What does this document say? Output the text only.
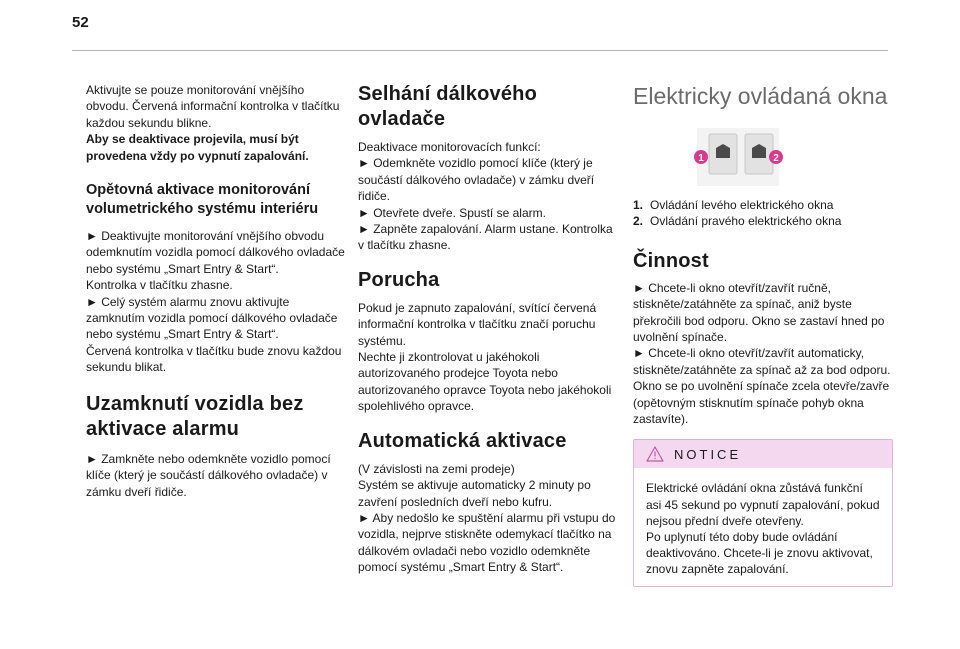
52

Aktivujte se pouze monitorování vnějšího obvodu. Červená informační kontrolka v tlačítku každou sekundu blikne.

Aby se deaktivace projevila, musí být provedena vždy po vypnutí zapalování.

Opětovná aktivace monitorování volumetrického systému interiéru

► Deaktivujte monitorování vnějšího obvodu odemknutím vozidla pomocí dálkového ovladače nebo systému „Smart Entry & Start“.

Kontrolka v tlačítku zhasne.

► Celý systém alarmu znovu aktivujte zamknutím vozidla pomocí dálkového ovladače nebo systému „Smart Entry & Start“.

Červená kontrolka v tlačítku bude znovu každou sekundu blikat.

Uzamknutí vozidla bez aktivace alarmu

► Zamkněte nebo odemkněte vozidlo pomocí klíče (který je součástí dálkového ovladače) v zámku dveří řidiče.

Selhání dálkového ovladače

Deaktivace monitorovacích funkcí:

► Odemkněte vozidlo pomocí klíče (který je součástí dálkového ovladače) v zámku dveří řidiče.

► Otevřete dveře. Spustí se alarm.

► Zapněte zapalování. Alarm ustane. Kontrolka v tlačítku zhasne.

Porucha

Pokud je zapnuto zapalování, svítící červená informační kontrolka v tlačítku značí poruchu systému.

Nechte ji zkontrolovat u jakéhokoli autorizovaného prodejce Toyota nebo autorizovaného opravce Toyota nebo jakéhokoli spolehlivého opravce.

Automatická aktivace

(V závislosti na zemi prodeje)

Systém se aktivuje automaticky 2 minuty po zavření posledních dveří nebo kufru.

► Aby nedošlo ke spuštění alarmu při vstupu do vozidla, nejprve stiskněte odemykací tlačítko na dálkovém ovladači nebo vozidlo odemkněte pomocí systému „Smart Entry & Start“.

Elektricky ovládaná okna
1	2

1. Ovládání levého elektrického okna

2. Ovládání pravého elektrického okna

Činnost

► Chcete-li okno otevřít/zavřít ručně, stiskněte/zatáhněte za spínač, aniž byste překročili bod odporu. Okno se zastaví hned po uvolnění spínače.

► Chcete-li okno otevřít/zavřít automaticky, stiskněte/zatáhněte za spínač až za bod odporu. Okno se po uvolnění spínače zcela otevře/zavře (opětovným stisknutím spínače pohyb okna zastavíte).

NOTICE

Elektrické ovládání okna zůstává funkční asi 45 sekund po vypnutí zapalování, pokud nejsou přední dveře otevřeny.

Po uplynutí této doby bude ovládání deaktivováno. Chcete-li je znovu aktivovat, znovu zapněte zapalování.
